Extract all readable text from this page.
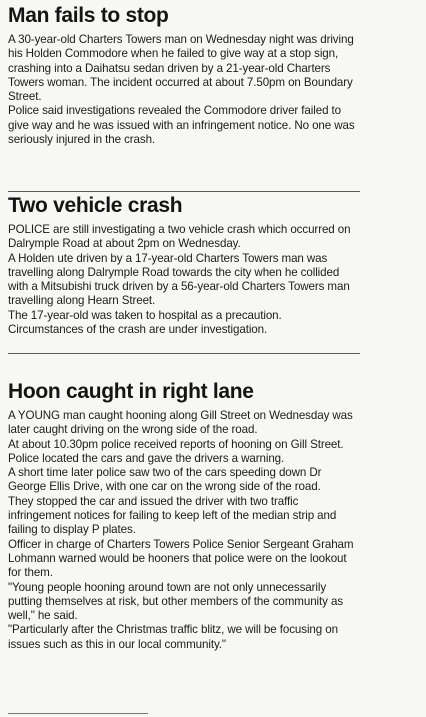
Man fails to stop

A 30-year-old Charters Towers man on Wednesday night was driving his Holden Commodore when he failed to give way at a stop sign, crashing into a Daihatsu sedan driven by a 21-year-old Charters Towers woman. The incident occurred at about 7.50pm on Boundary Street.

Police said investigations revealed the Commodore driver failed to give way and he was issued with an infringement notice. No one was seriously injured in the crash.

Two vehicle crash

POLICE are still investigating a two vehicle crash which occurred on Dalrymple Road at about 2pm on Wednesday.

A Holden ute driven by a 17-year-old Charters Towers man was travelling along Dalrymple Road towards the city when he collided with a Mitsubishi truck driven by a 56-year-old Charters Towers man travelling along Hearn Street.

The 17-year-old was taken to hospital as a precaution. Circumstances of the crash are under investigation.

Hoon caught in right lane

A YOUNG man caught hooning along Gill Street on Wednesday was later caught driving on the wrong side of the road.

At about 10.30pm police received reports of hooning on Gill Street.

Police located the cars and gave the drivers a warning.

A short time later police saw two of the cars speeding down Dr George Ellis Drive, with one car on the wrong side of the road.

They stopped the car and issued the driver with two traffic infringement notices for failing to keep left of the median strip and failing to display P plates.

Officer in charge of Charters Towers Police Senior Sergeant Graham Lohmann warned would be hooners that police were on the lookout for them.

"Young people hooning around town are not only unnecessarily putting themselves at risk, but other members of the community as well," he said.

"Particularly after the Christmas traffic blitz, we will be focusing on issues such as this in our local community."
